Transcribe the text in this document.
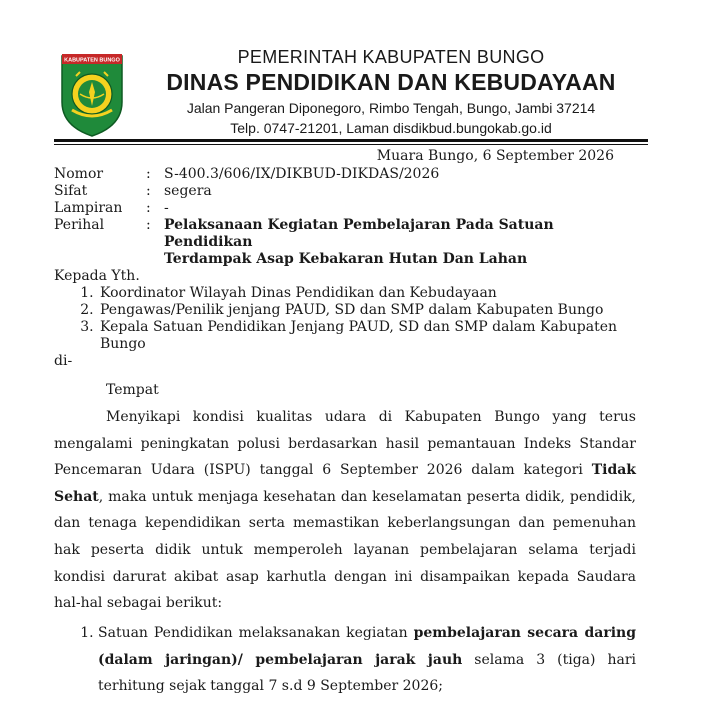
KABUPATEN BUNGO	PEMERINTAH KABUPATEN BUNGO
DINAS PENDIDIKAN DAN KEBUDAYAAN
Jalan Pangeran Diponegoro, Rimbo Tengah, Bungo, Jambi 37214
Telp. 0747-21201, Laman disdikbud.bungokab.go.id
Muara Bungo, 6 September 2026
Nomor	: S-400.3/606/IX/DIKBUD-DIKDAS/2026
Sifat	: segera
Lampiran	: -
Perihal	: Pelaksanaan Kegiatan Pembelajaran Pada Satuan Pendidikan
Terdampak Asap Kebakaran Hutan Dan Lahan
Kepada Yth.
1. Koordinator Wilayah Dinas Pendidikan dan Kebudayaan
2. Pengawas/Penilik jenjang PAUD, SD dan SMP dalam Kabupaten Bungo
3. Kepala Satuan Pendidikan Jenjang PAUD, SD dan SMP dalam Kabupaten Bungo
di-
Tempat

Menyikapi kondisi kualitas udara di Kabupaten Bungo yang terus mengalami peningkatan polusi berdasarkan hasil pemantauan Indeks Standar Pencemaran Udara (ISPU) tanggal 6 September 2026 dalam kategori Tidak Sehat, maka untuk menjaga kesehatan dan keselamatan peserta didik, pendidik, dan tenaga kependidikan serta memastikan keberlangsungan dan pemenuhan hak peserta didik untuk memperoleh layanan pembelajaran selama terjadi kondisi darurat akibat asap karhutla dengan ini disampaikan kepada Saudara hal-hal sebagai berikut:

1. Satuan Pendidikan melaksanakan kegiatan pembelajaran secara daring (dalam jaringan)/ pembelajaran jarak jauh selama 3 (tiga) hari terhitung sejak tanggal 7 s.d 9 September 2026;
